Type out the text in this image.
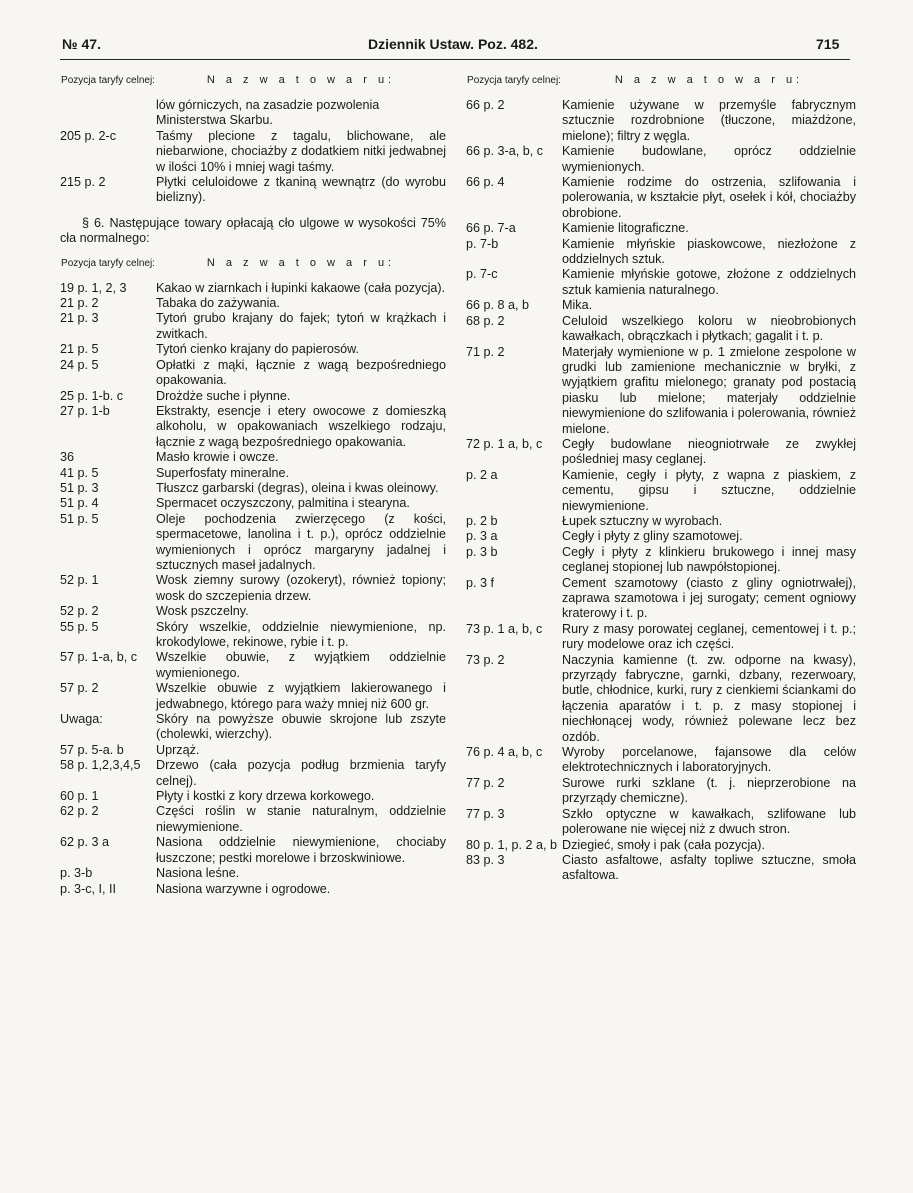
№ 47.	Dziennik Ustaw. Poz. 482.	715
Pozycja taryfy celnej:	N a z w a t o w a r u:
lów górniczych, na zasadzie pozwolenia Ministerstwa Skarbu.
205 p. 2-c	Taśmy plecione z tagalu, blichowane, ale niebarwione, chociażby z dodatkiem nitki jedwabnej w ilości 10% i mniej wagi taśmy.
215 p. 2	Płytki celuloidowe z tkaniną wewnątrz (do wyrobu bielizny).

§ 6. Następujące towary opłacają cło ulgowe w wysokości 75% cła normalnego:

Pozycja taryfy celnej:	N a z w a t o w a r u:
19 p. 1, 2, 3	Kakao w ziarnkach i łupinki kakaowe (cała pozycja).
21 p. 2	Tabaka do zażywania.
21 p. 3	Tytoń grubo krajany do fajek; tytoń w krążkach i zwitkach.
21 p. 5	Tytoń cienko krajany do papierosów.
24 p. 5	Opłatki z mąki, łącznie z wagą bezpośredniego opakowania.
25 p. 1-b. c	Drożdże suche i płynne.
27 p. 1-b	Ekstrakty, esencje i etery owocowe z domieszką alkoholu, w opakowaniach wszelkiego rodzaju, łącznie z wagą bezpośredniego opakowania.
36	Masło krowie i owcze.
41 p. 5	Superfosfaty mineralne.
51 p. 3	Tłuszcz garbarski (degras), oleina i kwas oleinowy.
51 p. 4	Spermacet oczyszczony, palmitina i stearyna.
51 p. 5	Oleje pochodzenia zwierzęcego (z kości, spermacetowe, lanolina i t. p.), oprócz oddzielnie wymienionych i oprócz margaryny jadalnej i sztucznych maseł jadalnych.
52 p. 1	Wosk ziemny surowy (ozokeryt), również topiony; wosk do szczepienia drzew.
52 p. 2	Wosk pszczelny.
55 p. 5	Skóry wszelkie, oddzielnie niewymienione, np. krokodylowe, rekinowe, rybie i t. p.
57 p. 1-a, b, c	Wszelkie obuwie, z wyjątkiem oddzielnie wymienionego.
57 p. 2	Wszelkie obuwie z wyjątkiem lakierowanego i jedwabnego, którego para waży mniej niż 600 gr.
Uwaga:	Skóry na powyższe obuwie skrojone lub zszyte (cholewki, wierzchy).
57 p. 5-a. b	Uprząż.
58 p. 1,2,3,4,5	Drzewo (cała pozycja podług brzmienia taryfy celnej).
60 p. 1	Płyty i kostki z kory drzewa korkowego.
62 p. 2	Części roślin w stanie naturalnym, oddzielnie niewymienione.
62 p. 3 a	Nasiona oddzielnie niewymienione, chociaby łuszczone; pestki morelowe i brzoskwiniowe.
p. 3-b	Nasiona leśne.
p. 3-c, I, II	Nasiona warzywne i ogrodowe.
Pozycja taryfy celnej:	N a z w a t o w a r u:
66 p. 2	Kamienie używane w przemyśle fabrycznym sztucznie rozdrobnione (tłuczone, miażdżone, mielone); filtry z węgla.
66 p. 3-a, b, c	Kamienie budowlane, oprócz oddzielnie wymienionych.
66 p. 4	Kamienie rodzime do ostrzenia, szlifowania i polerowania, w kształcie płyt, osełek i kół, chociażby obrobione.
66 p. 7-a	Kamienie litograficzne.
p. 7-b	Kamienie młyńskie piaskowcowe, niezłożone z oddzielnych sztuk.
p. 7-c	Kamienie młyńskie gotowe, złożone z oddzielnych sztuk kamienia naturalnego.
66 p. 8 a, b	Mika.
68 p. 2	Celuloid wszelkiego koloru w nieobrobionych kawałkach, obrączkach i płytkach; gagalit i t. p.
71 p. 2	Materjały wymienione w p. 1 zmielone zespolone w grudki lub zamienione mechanicznie w bryłki, z wyjątkiem grafitu mielonego; granaty pod postacią piasku lub mielone; materjały oddzielnie niewymienione do szlifowania i polerowania, również mielone.
72 p. 1 a, b, c	Cegły budowlane nieogniotrwałe ze zwykłej pośledniej masy ceglanej.
p. 2 a	Kamienie, cegły i płyty, z wapna z piaskiem, z cementu, gipsu i sztuczne, oddzielnie niewymienione.
p. 2 b	Łupek sztuczny w wyrobach.
p. 3 a	Cegły i płyty z gliny szamotowej.
p. 3 b	Cegły i płyty z klinkieru brukowego i innej masy ceglanej stopionej lub nawpółstopionej.
p. 3 f	Cement szamotowy (ciasto z gliny ogniotrwałej), zaprawa szamotowa i jej surogaty; cement ogniowy kraterowy i t. p.
73 p. 1 a, b, c	Rury z masy porowatej ceglanej, cementowej i t. p.; rury modelowe oraz ich części.
73 p. 2	Naczynia kamienne (t. zw. odporne na kwasy), przyrządy fabryczne, garnki, dzbany, rezerwoary, butle, chłodnice, kurki, rury z cienkiemi ściankami do łączenia aparatów i t. p. z masy stopionej i niechłonącej wody, również polewane lecz bez ozdób.
76 p. 4 a, b, c	Wyroby porcelanowe, fajansowe dla celów elektrotechnicznych i laboratoryjnych.
77 p. 2	Surowe rurki szklane (t. j. nieprzerobione na przyrządy chemiczne).
77 p. 3	Szkło optyczne w kawałkach, szlifowane lub polerowane nie więcej niż z dwuch stron.
80 p. 1, p. 2 a, b Dziegieć, smoły i pak (cała pozycja).
83 p. 3	Ciasto asfaltowe, asfalty topliwe sztuczne, smoła asfaltowa.
